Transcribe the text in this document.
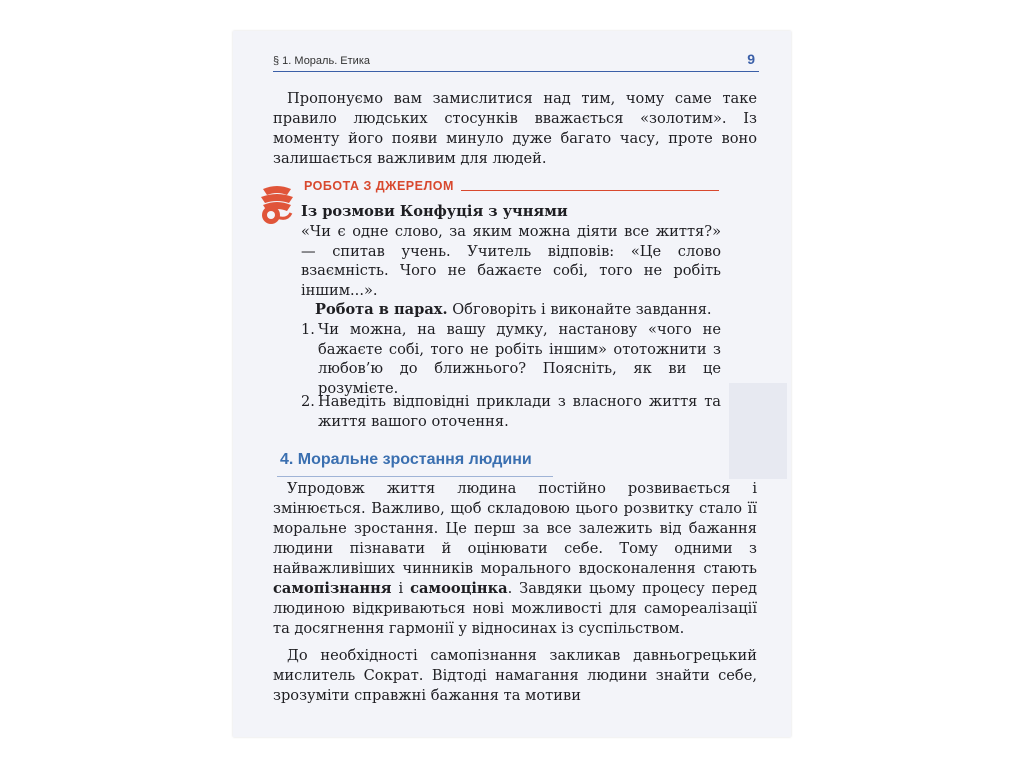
§ 1. Мораль. Етика	9

Пропонуємо вам замислитися над тим, чому саме таке правило людських стосунків вважається «золотим». Із моменту його появи минуло дуже багато часу, проте воно залишається важливим для людей.

РОБОТА З ДЖЕРЕЛОМ

Із розмови Конфуція з учнями

«Чи є одне слово, за яким можна діяти все життя?» — спитав учень. Учитель відповів: «Це слово взаємність. Чого не бажаєте собі, того не робіть іншим...».

Робота в парах. Обговоріть і виконайте завдання.

1. Чи можна, на вашу думку, настанову «чого не бажаєте собі, того не робіть іншим» ототожнити з любов’ю до ближнього? Поясніть, як ви це розумієте.
2. Наведіть відповідні приклади з власного життя та життя вашого оточення.
4. Моральне зростання людини

Упродовж життя людина постійно розвивається і змінюється. Важливо, щоб складовою цього розвитку стало її моральне зростання. Це перш за все залежить від бажання людини пізнавати й оцінювати себе. Тому одними з найважливіших чинників морального вдосконалення стають самопізнання і самооцінка. Завдяки цьому процесу перед людиною відкриваються нові можливості для самореалізації та досягнення гармонії у відносинах із суспільством.

До необхідності самопізнання закликав давньогрецький мислитель Сократ. Відтоді намагання людини знайти себе, зрозуміти справжні бажання та мотиви
